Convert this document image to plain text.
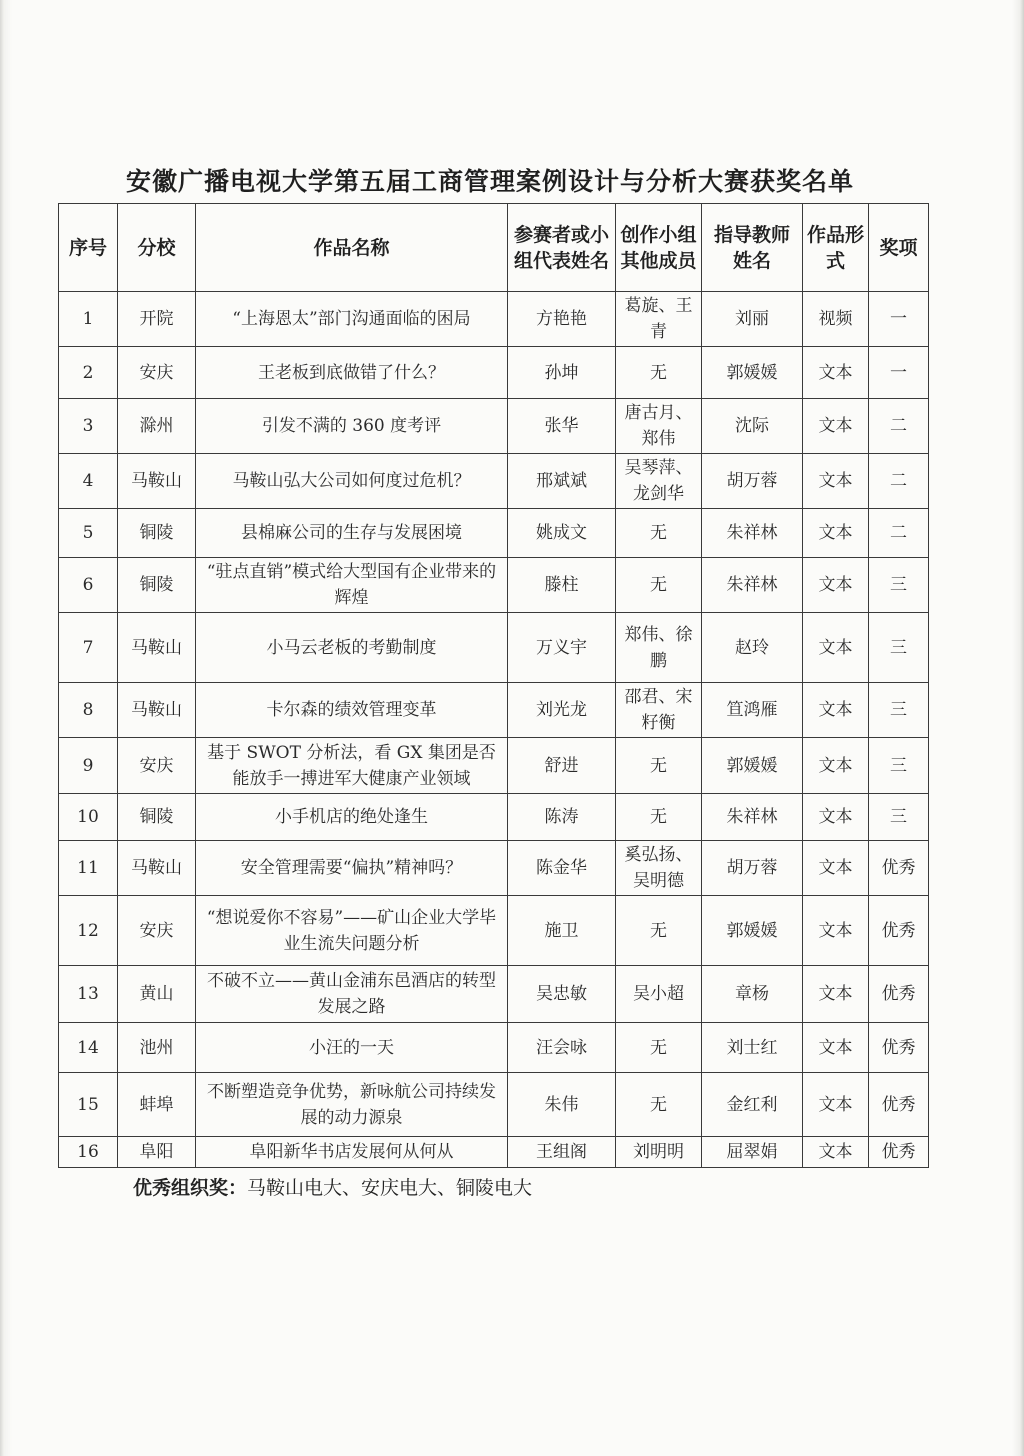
安徽广播电视大学第五届工商管理案例设计与分析大赛获奖名单
序号	分校	作品名称	参赛者或小组代表姓名	创作小组其他成员	指导教师姓名	作品形式	奖项
1	开院	“上海恩太”部门沟通面临的困局	方艳艳	葛旋、王青	刘丽	视频	一
2	安庆	王老板到底做错了什么？	孙坤	无	郭媛媛	文本	一
3	滁州	引发不满的 360 度考评	张华	唐古月、郑伟	沈际	文本	二
4	马鞍山	马鞍山弘大公司如何度过危机？	邢斌斌	吴琴萍、龙剑华	胡万蓉	文本	二
5	铜陵	县棉麻公司的生存与发展困境	姚成文	无	朱祥林	文本	二
6	铜陵	“驻点直销”模式给大型国有企业带来的辉煌	滕柱	无	朱祥林	文本	三
7	马鞍山	小马云老板的考勤制度	万义宇	郑伟、徐鹏	赵玲	文本	三
8	马鞍山	卡尔森的绩效管理变革	刘光龙	邵君、宋籽衡	笪鸿雁	文本	三
9	安庆	基于 SWOT 分析法，看 GX 集团是否能放手一搏进军大健康产业领域	舒进	无	郭媛媛	文本	三
10	铜陵	小手机店的绝处逢生	陈涛	无	朱祥林	文本	三
11	马鞍山	安全管理需要“偏执”精神吗？	陈金华	奚弘扬、吴明德	胡万蓉	文本	优秀
12	安庆	“想说爱你不容易”——矿山企业大学毕业生流失问题分析	施卫	无	郭媛媛	文本	优秀
13	黄山	不破不立——黄山金浦东邑酒店的转型发展之路	吴忠敏	吴小超	章杨	文本	优秀
14	池州	小汪的一天	汪会咏	无	刘士红	文本	优秀
15	蚌埠	不断塑造竞争优势，新咏航公司持续发展的动力源泉	朱伟	无	金红利	文本	优秀
16	阜阳	阜阳新华书店发展何从何从	王组阁	刘明明	屈翠娟	文本	优秀
优秀组织奖：马鞍山电大、安庆电大、铜陵电大
